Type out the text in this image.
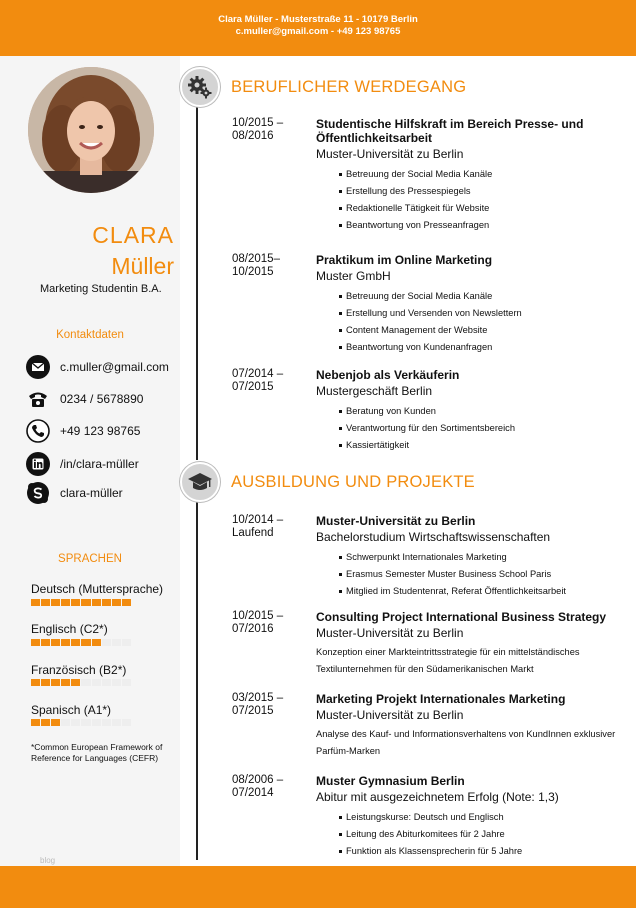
Clara Müller - Musterstraße 11 - 10179 Berlin
c.muller@gmail.com - +49 123 98765
CLARA
Müller
Marketing Studentin B.A.
Kontaktdaten
c.muller@gmail.com
0234 / 5678890
+49 123 98765
/in/clara-müller
clara-müller
SPRACHEN
Deutsch (Muttersprache)
Englisch (C2*)
Französisch (B2*)
Spanisch (A1*)
*Common European Framework of Reference for Languages (CEFR)
blog
BERUFLICHER WERDEGANG
AUSBILDUNG UND PROJEKTE
10/2015 –
08/2016
Studentische Hilfskraft im Bereich Presse- und Öffentlichkeitsarbeit
Muster-Universität zu Berlin
Betreuung der Social Media Kanäle
Erstellung des Pressespiegels
Redaktionelle Tätigkeit für Website
Beantwortung von Presseanfragen
08/2015–
10/2015
Praktikum im Online Marketing
Muster GmbH
Betreuung der Social Media Kanäle
Erstellung und Versenden von Newslettern
Content Management der Website
Beantwortung von Kundenanfragen
07/2014 –
07/2015
Nebenjob als Verkäuferin
Mustergeschäft Berlin
Beratung von Kunden
Verantwortung für den Sortimentsbereich
Kassiertätigkeit
10/2014 –
Laufend
Muster-Universität zu Berlin
Bachelorstudium Wirtschaftswissenschaften
Schwerpunkt Internationales Marketing
Erasmus Semester Muster Business School Paris
Mitglied im Studentenrat, Referat Öffentlichkeitsarbeit
10/2015 –
07/2016
Consulting Project International Business Strategy
Muster-Universität zu Berlin
Konzeption einer Markteintrittsstrategie für ein mittelständisches Textilunternehmen für den Südamerikanischen Markt
03/2015 –
07/2015
Marketing Projekt Internationales Marketing
Muster-Universität zu Berlin
Analyse des Kauf- und Informationsverhaltens von KundInnen exklusiver Parfüm-Marken
08/2006 –
07/2014
Muster Gymnasium Berlin
Abitur mit ausgezeichnetem Erfolg (Note: 1,3)
Leistungskurse: Deutsch und Englisch
Leitung des Abiturkomitees für 2 Jahre
Funktion als Klassensprecherin für 5 Jahre
